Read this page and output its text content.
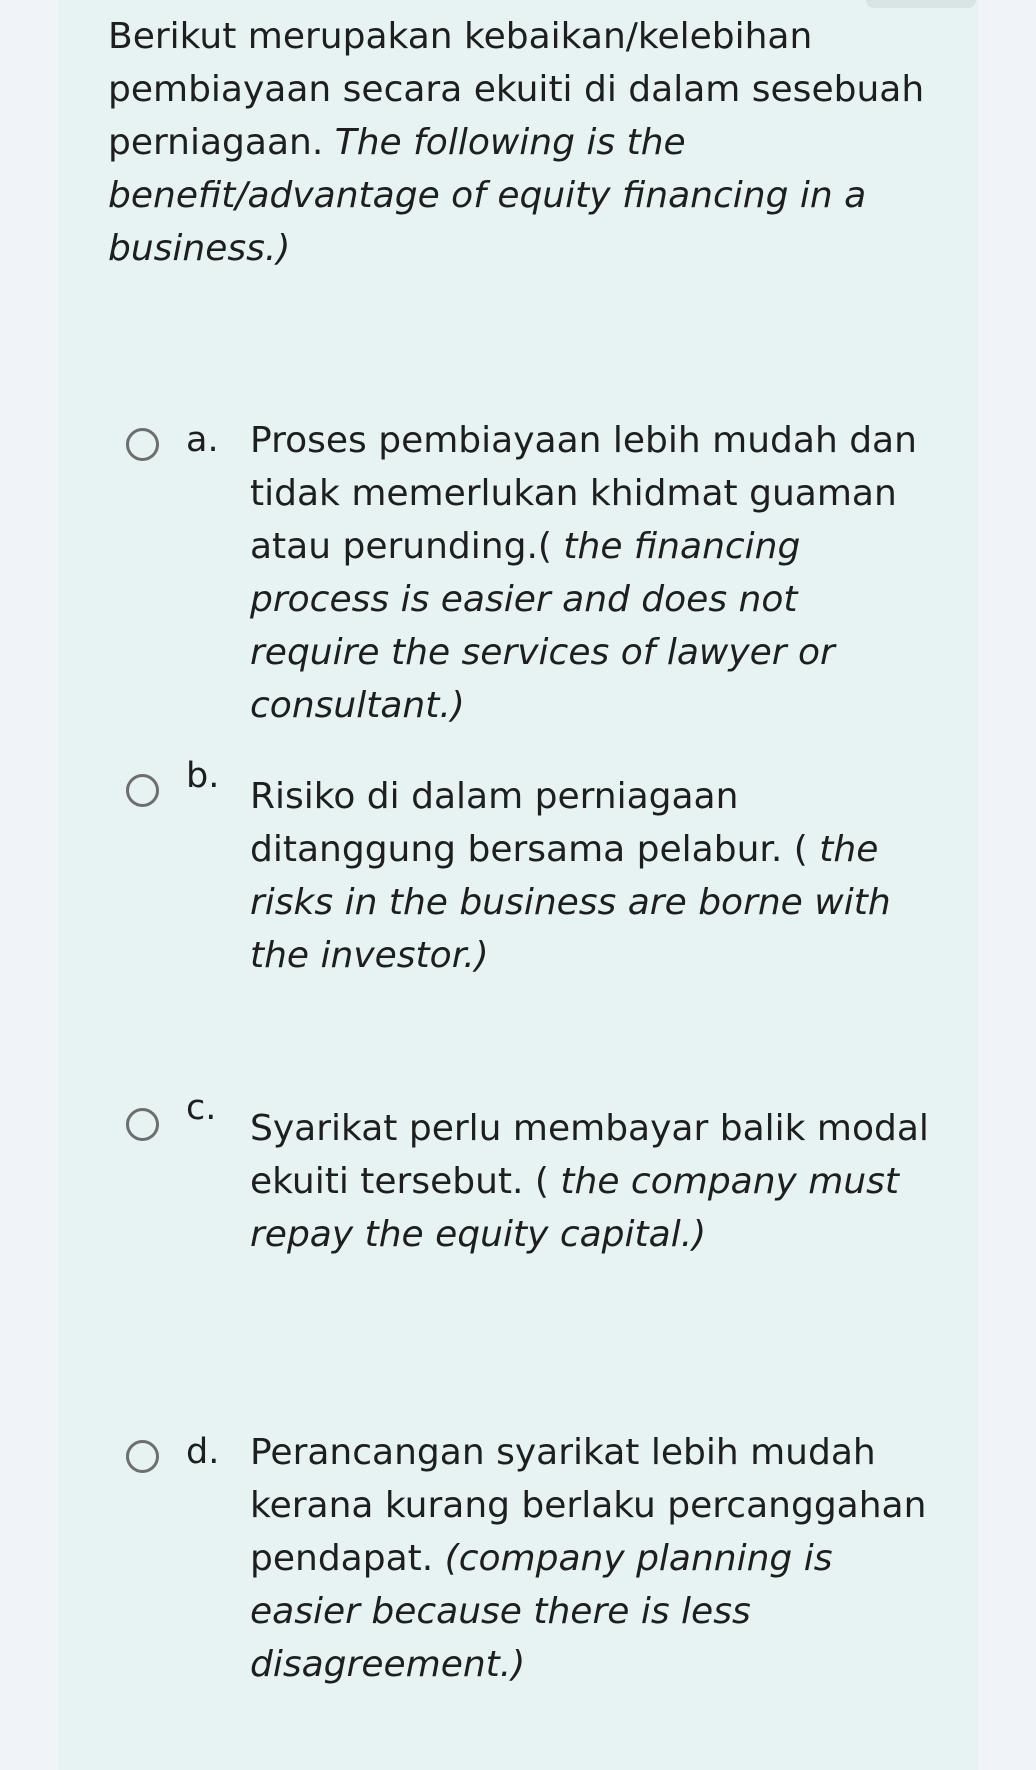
Berikut merupakan kebaikan/kelebihan pembiayaan secara ekuiti di dalam sesebuah perniagaan. The following is the benefit/advantage of equity financing in a business.)
a. Proses pembiayaan lebih mudah dan tidak memerlukan khidmat guaman atau perunding.( the financing process is easier and does not require the services of lawyer or consultant.)
b. Risiko di dalam perniagaan ditanggung bersama pelabur. ( the risks in the business are borne with the investor.)
c. Syarikat perlu membayar balik modal ekuiti tersebut. ( the company must repay the equity capital.)
d. Perancangan syarikat lebih mudah kerana kurang berlaku percanggahan pendapat. (company planning is easier because there is less disagreement.)
